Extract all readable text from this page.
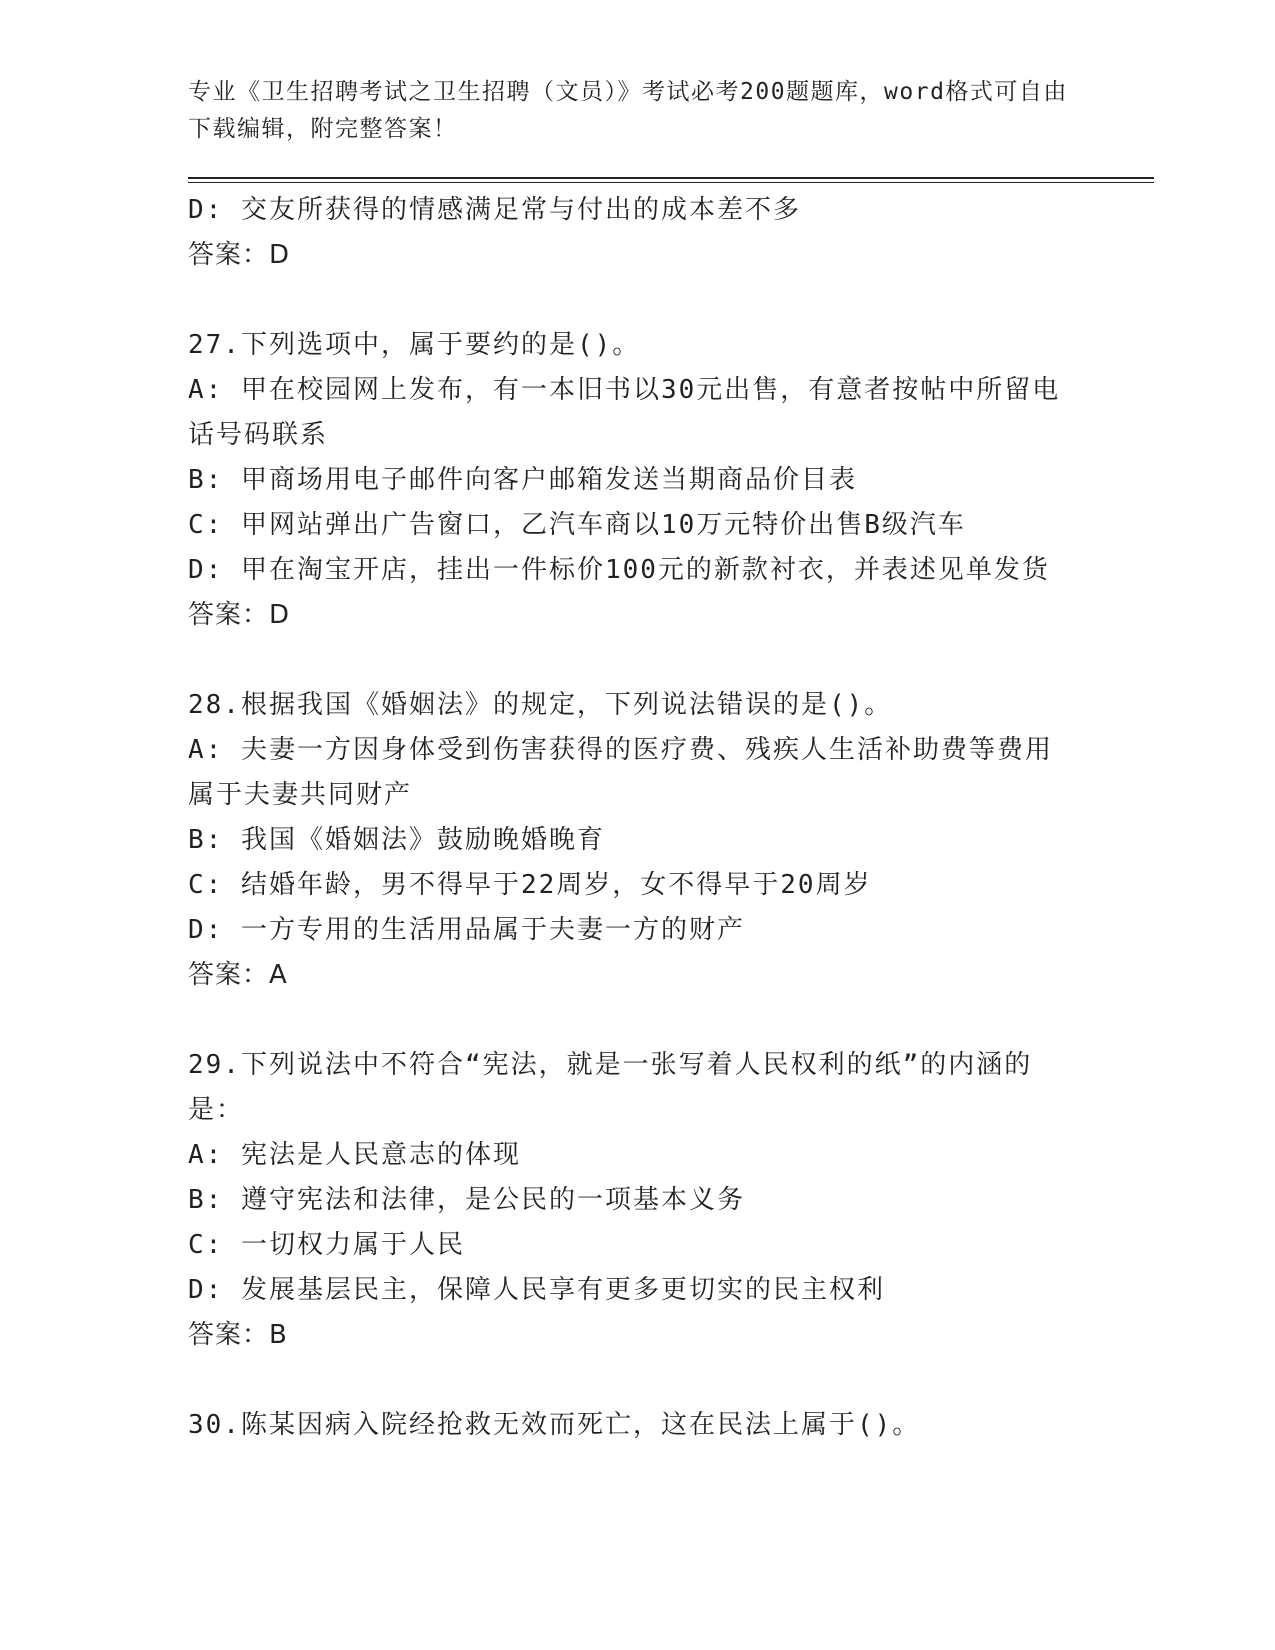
专业《卫生招聘考试之卫生招聘（文员）》考试必考200题题库，word格式可自由下载编辑，附完整答案！
D: 交友所获得的情感满足常与付出的成本差不多
答案：D
27.下列选项中，属于要约的是()。
A: 甲在校园网上发布，有一本旧书以30元出售，有意者按帖中所留电话号码联系
B: 甲商场用电子邮件向客户邮箱发送当期商品价目表
C: 甲网站弹出广告窗口，乙汽车商以10万元特价出售B级汽车
D: 甲在淘宝开店，挂出一件标价100元的新款衬衣，并表述见单发货
答案：D
28.根据我国《婚姻法》的规定，下列说法错误的是()。
A: 夫妻一方因身体受到伤害获得的医疗费、残疾人生活补助费等费用属于夫妻共同财产
B: 我国《婚姻法》鼓励晚婚晚育
C: 结婚年龄，男不得早于22周岁，女不得早于20周岁
D: 一方专用的生活用品属于夫妻一方的财产
答案：A
29.下列说法中不符合“宪法，就是一张写着人民权利的纸”的内涵的是：
A: 宪法是人民意志的体现
B: 遵守宪法和法律，是公民的一项基本义务
C: 一切权力属于人民
D: 发展基层民主，保障人民享有更多更切实的民主权利
答案：B
30.陈某因病入院经抢救无效而死亡，这在民法上属于()。
